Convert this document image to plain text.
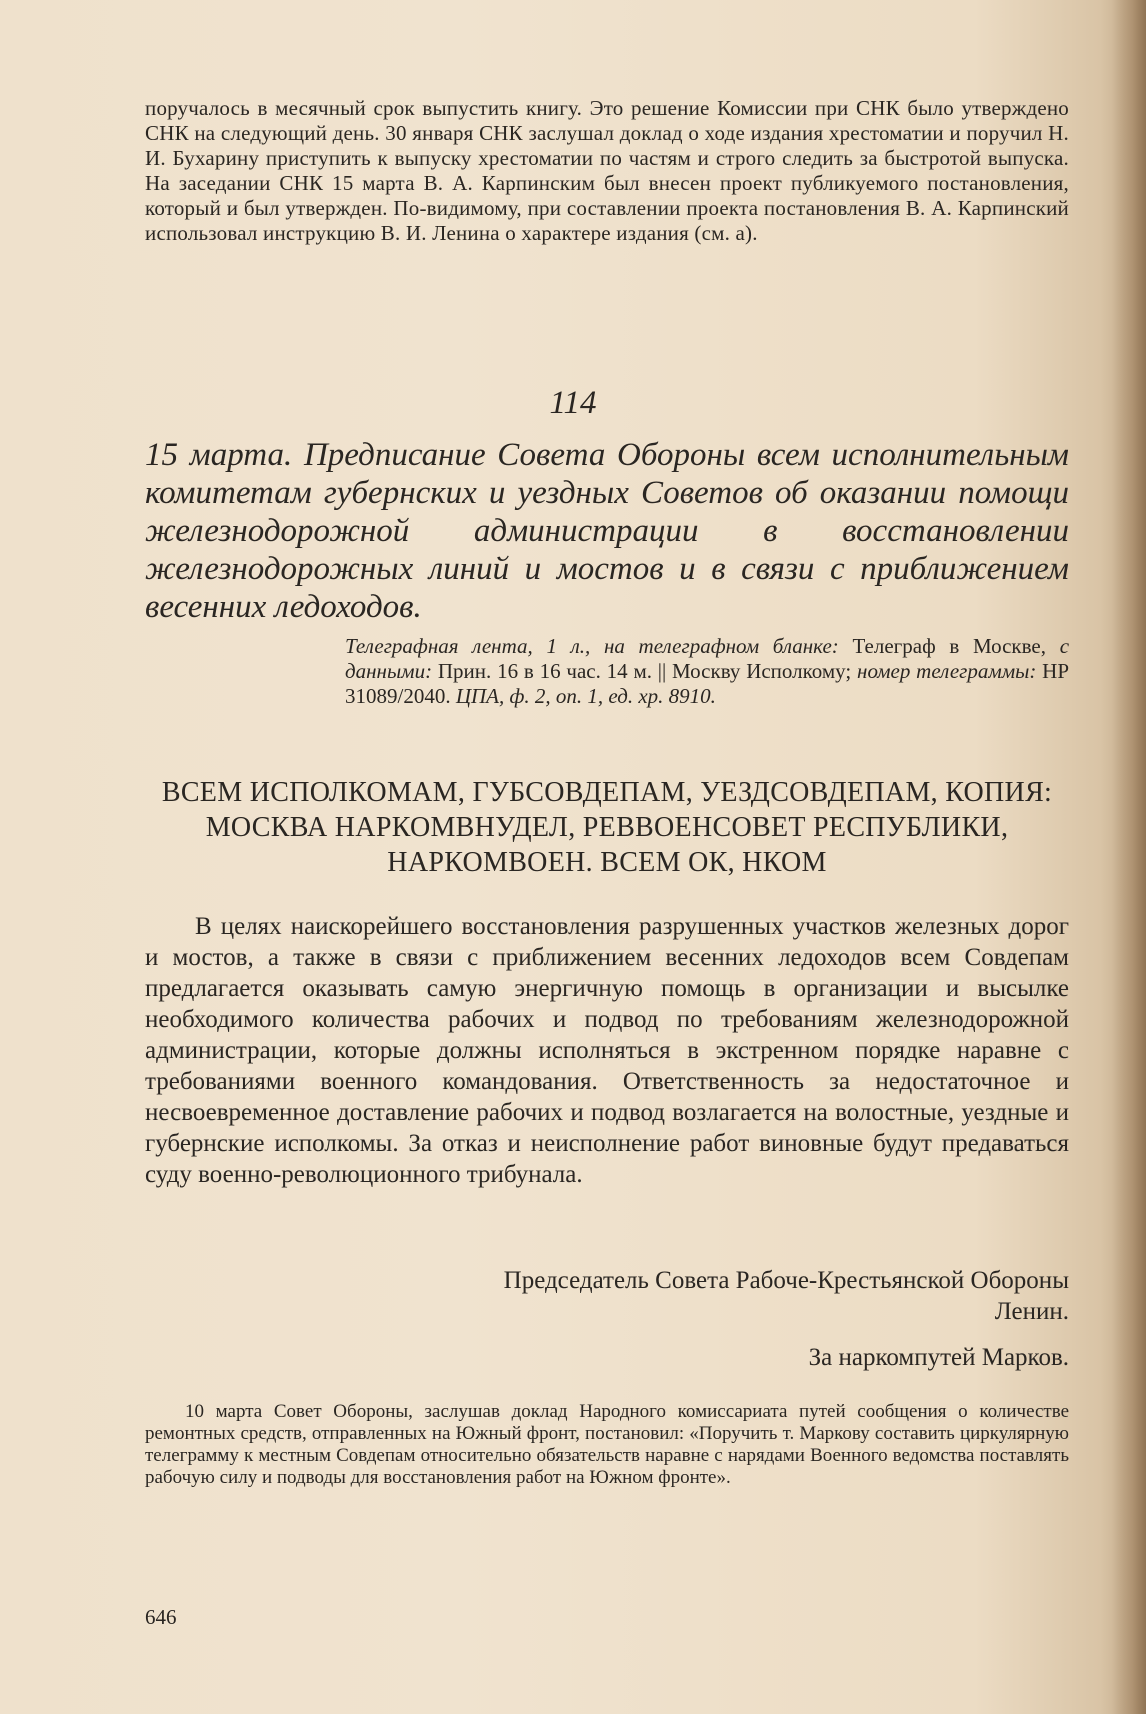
поручалось в месячный срок выпустить книгу. Это решение Комиссии при СНК было утверждено СНК на следующий день. 30 января СНК заслушал доклад о ходе издания хрестоматии и поручил Н. И. Бухарину приступить к выпуску хрестоматии по частям и строго следить за быстротой выпуска. На заседании СНК 15 марта В. А. Карпинским был внесен проект публикуемого постановления, который и был утвержден. По-видимому, при составлении проекта постановления В. А. Карпинский использовал инструкцию В. И. Ленина о характере издания (см. а).

114
15 марта. Предписание Совета Обороны всем исполнительным комитетам губернских и уездных Советов об оказании помощи железнодорожной администрации в восстановлении железнодорожных линий и мостов и в связи с приближением весенних ледоходов.
Телеграфная лента, 1 л., на телеграфном бланке: Телеграф в Москве, с данными: Прин. 16 в 16 час. 14 м. || Москву Исполкому; номер телеграммы: НР 31089/2040. ЦПА, ф. 2, оп. 1, ед. хр. 8910.
ВСЕМ ИСПОЛКОМАМ, ГУБСОВДЕПАМ, УЕЗДСОВДЕПАМ, КОПИЯ: МОСКВА НАРКОМВНУДЕЛ, РЕВВОЕНСОВЕТ РЕСПУБЛИКИ, НАРКОМВОЕН. ВСЕМ ОК, НКОМ

В целях наискорейшего восстановления разрушенных участков железных дорог и мостов, а также в связи с приближением весенних ледоходов всем Совдепам предлагается оказывать самую энергичную помощь в организации и высылке необходимого количества рабочих и подвод по требованиям железнодорожной администрации, которые должны исполняться в экстренном порядке наравне с требованиями военного командования. Ответственность за недостаточное и несвоевременное доставление рабочих и подвод возлагается на волостные, уездные и губернские исполкомы. За отказ и неисполнение работ виновные будут предаваться суду военно-революционного трибунала.

Председатель Совета Рабоче-Крестьянской Обороны
Ленин.
За наркомпутей Марков.

10 марта Совет Обороны, заслушав доклад Народного комиссариата путей сообщения о количестве ремонтных средств, отправленных на Южный фронт, постановил: «Поручить т. Маркову составить циркулярную телеграмму к местным Совдепам относительно обязательств наравне с нарядами Военного ведомства поставлять рабочую силу и подводы для восстановления работ на Южном фронте».

646
